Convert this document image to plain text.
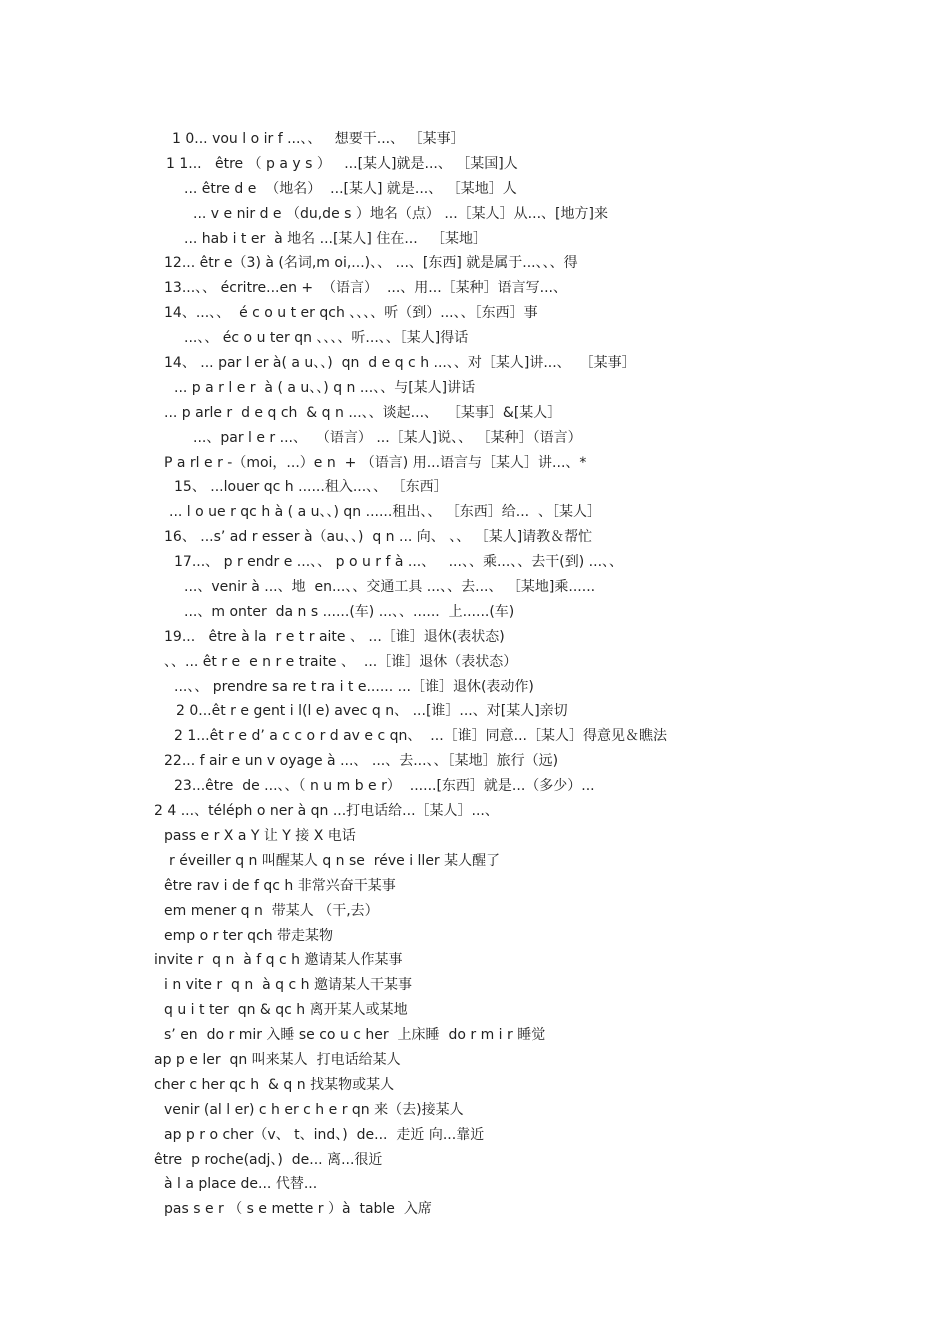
1 0... vou l o ir f ...、、   想要干...、 ［某事］
1 1...   être （ p a y s ）   ...[某人]就是...、 ［某国]人
... être d e  （地名）  ...[某人] 就是...、 ［某地］人
... v e nir d e （du,de s ）地名（点） ...［某人］从...、[地方]来
... hab i t er  à 地名 ...[某人] 住在...   ［某地］
12... êtr e（3) à (名词,m oi,...)、、 ...、[东西] 就是属于...、、、得
13...、、 écritre...en +  （语言）  ...、用...［某种］语言写...、
14、...、、  é c o u t er qch 、、、、听（到）...、、［东西］事
...、、 éc o u ter qn 、、、、听...、、［某人]得话
14、 ... par l er à( a u、、)  qn  d e q c h ...、、对［某人]讲...、  ［某事］
... p a r l e r  à ( a u、、) q n ...、、与[某人]讲话
... p arle r  d e q ch  & q n ...、、谈起...、  ［某事］&[某人］
...、par l e r ...、  （语言） ...［某人]说、、 ［某种］（语言）
P a rl e r -（moi，...）e n  + （语言) 用...语言与［某人］讲...、*
15、 ...louer qc h ......租入...、、 ［东西］
... l o ue r qc h à ( a u、、) qn ......租出、、 ［东西］给...  、［某人］
16、 ...s’ ad r esser à（au、、)  q n ... 向、 、、 ［某人]请教＆帮忙
17...、 p r endr e ...、、 p o u r f à ...、   ...、、乘...、、去干(到) ...、、
...、venir à ...、地  en...、、交通工具 ...、、去...、 ［某地]乘......
...、m onter  da n s ......(车) ...、、......  上......(车)
19...   être à la  r e t r aite 、 ...［谁］退休(表状态)
、、... êt r e  e n r e traite 、  ...［谁］退休（表状态）
...、、 prendre sa re t ra i t e...... ...［谁］退休(表动作)
2 0...êt r e gent i l(l e) avec q n、 ...[谁］...、对[某人]亲切
2 1...êt r e d’ a c c o r d av e c qn、  ...［谁］同意...［某人］得意见＆瞧法
22... f air e un v oyage à ...、 ...、去...、、［某地］旅行（远)
23...être  de ...、、（ n u m b e r）  ......[东西］就是...（多少）...
2 4 ...、téléph o ner à qn ...打电话给...［某人］...、
pass e r X a Y 让 Y 接 X 电话
r éveiller q n 叫醒某人 q n se  réve i ller 某人醒了
être rav i de f qc h 非常兴奋干某事
em mener q n  带某人 （干,去）
emp o r ter qch 带走某物
invite r  q n  à f q c h 邀请某人作某事
i n vite r  q n  à q c h 邀请某人干某事
q u i t ter  qn & qc h 离开某人或某地
s’ en  do r mir 入睡 se co u c her  上床睡  do r m i r 睡觉
ap p e ler  qn 叫来某人  打电话给某人
cher c her qc h  & q n 找某物或某人
venir (al l er) c h er c h e r qn 来（去)接某人
ap p r o cher（v、 t、ind、)  de...  走近 向...靠近
être  p roche(adj、)  de... 离...很近
à l a place de... 代替...
pas s e r （ s e mette r ）à  table  入席
